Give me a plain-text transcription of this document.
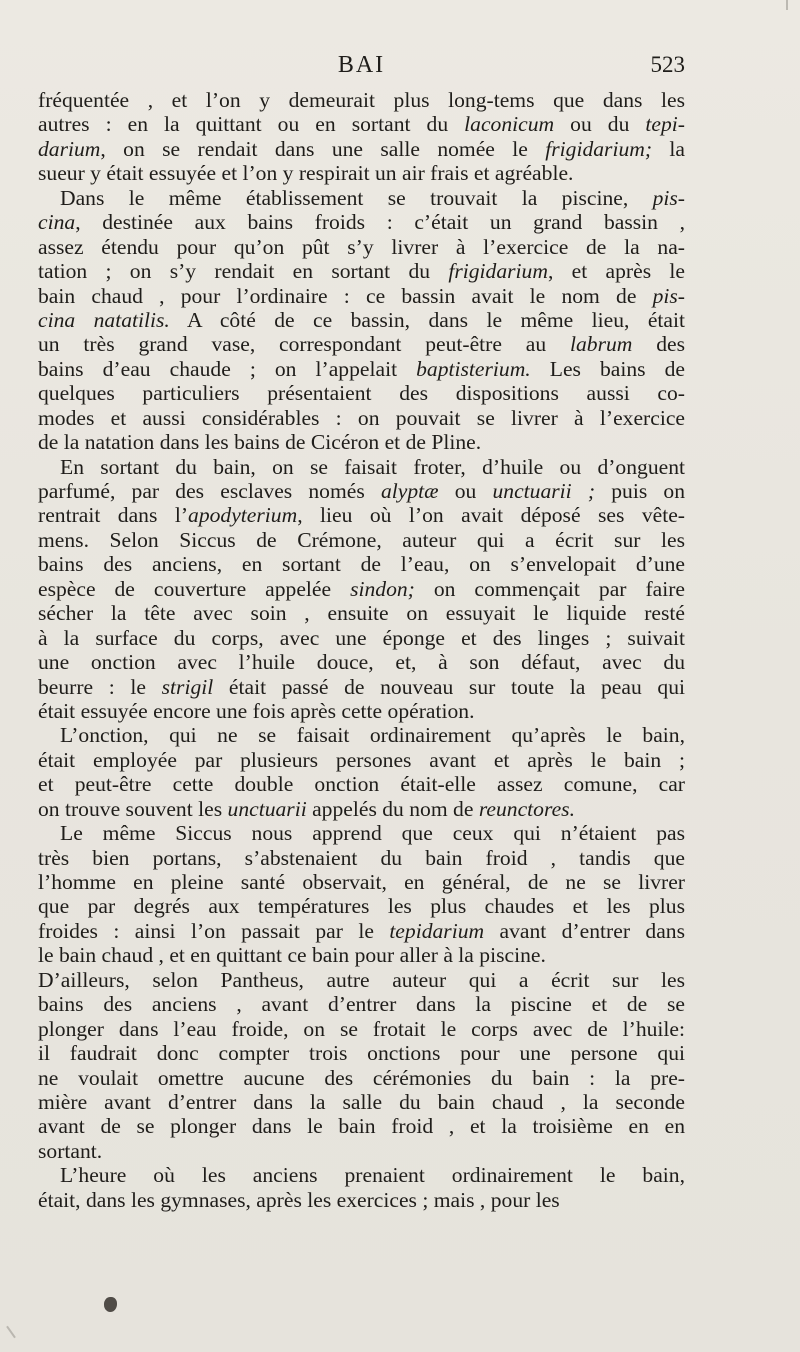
BAI	523
fréquentée , et l’on y demeurait plus long-tems que dans les
autres : en la quittant ou en sortant du laconicum ou du tepi-
darium, on se rendait dans une salle nomée le frigidarium; la
sueur y était essuyée et l’on y respirait un air frais et agréable.
Dans le même établissement se trouvait la piscine, pis-
cina, destinée aux bains froids : c’était un grand bassin ,
assez étendu pour qu’on pût s’y livrer à l’exercice de la na-
tation ; on s’y rendait en sortant du frigidarium, et après le
bain chaud , pour l’ordinaire : ce bassin avait le nom de pis-
cina natatilis. A côté de ce bassin, dans le même lieu, était
un très grand vase, correspondant peut-être au labrum des
bains d’eau chaude ; on l’appelait baptisterium. Les bains de
quelques particuliers présentaient des dispositions aussi co-
modes et aussi considérables : on pouvait se livrer à l’exercice
de la natation dans les bains de Cicéron et de Pline.
En sortant du bain, on se faisait froter, d’huile ou d’onguent
parfumé, par des esclaves només alyptæ ou unctuarii ; puis on
rentrait dans l’apodyterium, lieu où l’on avait déposé ses vête-
mens. Selon Siccus de Crémone, auteur qui a écrit sur les
bains des anciens, en sortant de l’eau, on s’envelopait d’une
espèce de couverture appelée sindon; on commençait par faire
sécher la tête avec soin , ensuite on essuyait le liquide resté
à la surface du corps, avec une éponge et des linges ; suivait
une onction avec l’huile douce, et, à son défaut, avec du
beurre : le strigil était passé de nouveau sur toute la peau qui
était essuyée encore une fois après cette opération.
L’onction, qui ne se faisait ordinairement qu’après le bain,
était employée par plusieurs persones avant et après le bain ;
et peut-être cette double onction était-elle assez comune, car
on trouve souvent les unctuarii appelés du nom de reunctores.
Le même Siccus nous apprend que ceux qui n’étaient pas
très bien portans, s’abstenaient du bain froid , tandis que
l’homme en pleine santé observait, en général, de ne se livrer
que par degrés aux températures les plus chaudes et les plus
froides : ainsi l’on passait par le tepidarium avant d’entrer dans
le bain chaud , et en quittant ce bain pour aller à la piscine.
D’ailleurs, selon Pantheus, autre auteur qui a écrit sur les
bains des anciens , avant d’entrer dans la piscine et de se
plonger dans l’eau froide, on se frotait le corps avec de l’huile:
il faudrait donc compter trois onctions pour une persone qui
ne voulait omettre aucune des cérémonies du bain : la pre-
mière avant d’entrer dans la salle du bain chaud , la seconde
avant de se plonger dans le bain froid , et la troisième en en
sortant.
L’heure où les anciens prenaient ordinairement le bain,
était, dans les gymnases, après les exercices ; mais , pour les
